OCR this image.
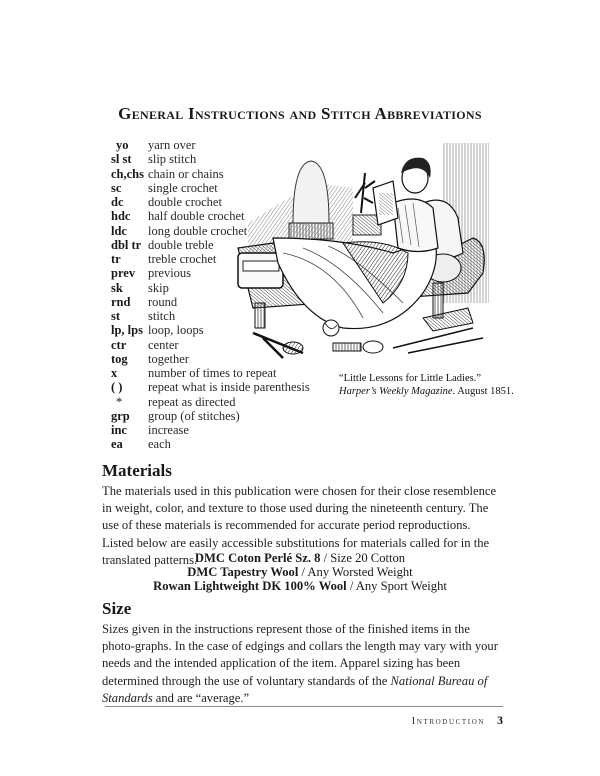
General Instructions and Stitch Abbreviations
yo yarn over
sl st slip stitch
ch,chs chain or chains
sc single crochet
dc double crochet
hdc half double crochet
ldc long double crochet
dbl tr double treble
tr treble crochet
prev previous
sk skip
rnd round
st stitch
lp, lps loop, loops
ctr center
tog together
x number of times to repeat
( ) repeat what is inside parenthesis
* repeat as directed
grp group (of stitches)
inc increase
ea each
“Little Lessons for Little Ladies.”
Harper’s Weekly Magazine. August 1851.
Materials

The materials used in this publication were chosen for their close resemblence in weight, color, and texture to those used during the nineteenth century. The use of these materials is recommended for accurate period reproductions. Listed below are easily accessible substitutions for materials called for in the translated patterns.

DMC Coton Perlé Sz. 8 / Size 20 Cotton
DMC Tapestry Wool / Any Worsted Weight
Rowan Lightweight DK 100% Wool / Any Sport Weight
Size

Sizes given in the instructions represent those of the finished items in the photo-graphs. In the case of edgings and collars the length may vary with your needs and the intended application of the item. Apparel sizing has been determined through the use of voluntary standards of the National Bureau of Standards and are “average.”

Introduction 3
